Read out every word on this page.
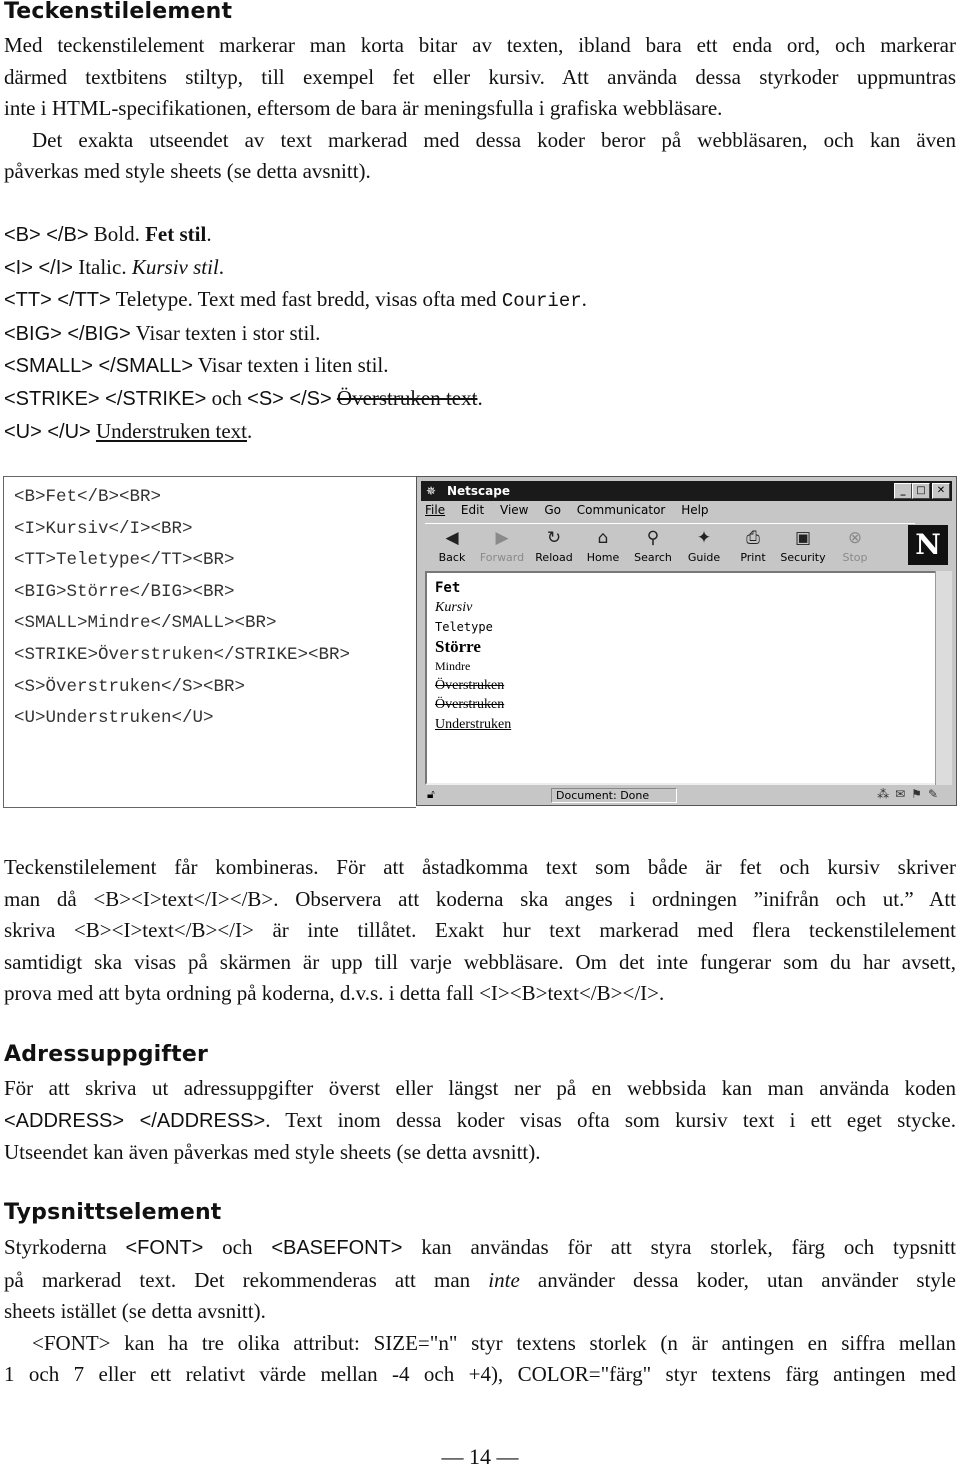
Teckenstilelement
Med teckenstilelement markerar man korta bitar av texten, ibland bara ett enda ord, och markerar
därmed textbitens stiltyp, till exempel fet eller kursiv. Att använda dessa styrkoder uppmuntras
inte i HTML-specifikationen, eftersom de bara är meningsfulla i grafiska webbläsare.
Det exakta utseendet av text markerad med dessa koder beror på webbläsaren, och kan även
påverkas med style sheets (se detta avsnitt).
<B> </B> Bold. Fet stil.
<I> </I> Italic. Kursiv stil.
<TT> </TT> Teletype. Text med fast bredd, visas ofta med Courier.
<BIG> </BIG> Visar texten i stor stil.
<SMALL> </SMALL> Visar texten i liten stil.
<STRIKE> </STRIKE> och <S> </S> Överstruken text.
<U> </U> Understruken text.
<B>Fet</B><BR>
<I>Kursiv</I><BR>
<TT>Teletype</TT><BR>
<BIG>Större</BIG><BR>
<SMALL>Mindre</SMALL><BR>
<STRIKE>Överstruken</STRIKE><BR>
<S>Överstruken</S><BR>
<U>Understruken</U>
✵ Netscape	_	□	✕
File Edit View Go Communicator Help
◀
Back
▶
Forward
↻
Reload
⌂
Home
⚲
Search
✦
Guide
⎙
Print
▣
Security
⊗
Stop	N
Fet
Kursiv
Teletype
Större
Mindre
Överstruken
Överstruken
Understruken
🔓︎	Document: Done	⁂✉⚑✎
Teckenstilelement får kombineras. För att åstadkomma text som både är fet och kursiv skriver
man då <B><I>text</I></B>. Observera att koderna ska anges i ordningen ”inifrån och ut.” Att
skriva <B><I>text</B></I> är inte tillåtet. Exakt hur text markerad med flera teckenstilelement
samtidigt ska visas på skärmen är upp till varje webbläsare. Om det inte fungerar som du har avsett,
prova med att byta ordning på koderna, d.v.s. i detta fall <I><B>text</B></I>.
Adressuppgifter
För att skriva ut adressuppgifter överst eller längst ner på en webbsida kan man använda koden
<ADDRESS> </ADDRESS>. Text inom dessa koder visas ofta som kursiv text i ett eget stycke.
Utseendet kan även påverkas med style sheets (se detta avsnitt).
Typsnittselement
Styrkoderna <FONT> och <BASEFONT> kan användas för att styra storlek, färg och typsnitt
på markerad text. Det rekommenderas att man inte använder dessa koder, utan använder style
sheets istället (se detta avsnitt).
<FONT> kan ha tre olika attribut: SIZE="n" styr textens storlek (n är antingen en siffra mellan
1 och 7 eller ett relativt värde mellan -4 och +4), COLOR="färg" styr textens färg antingen med
— 14 —
